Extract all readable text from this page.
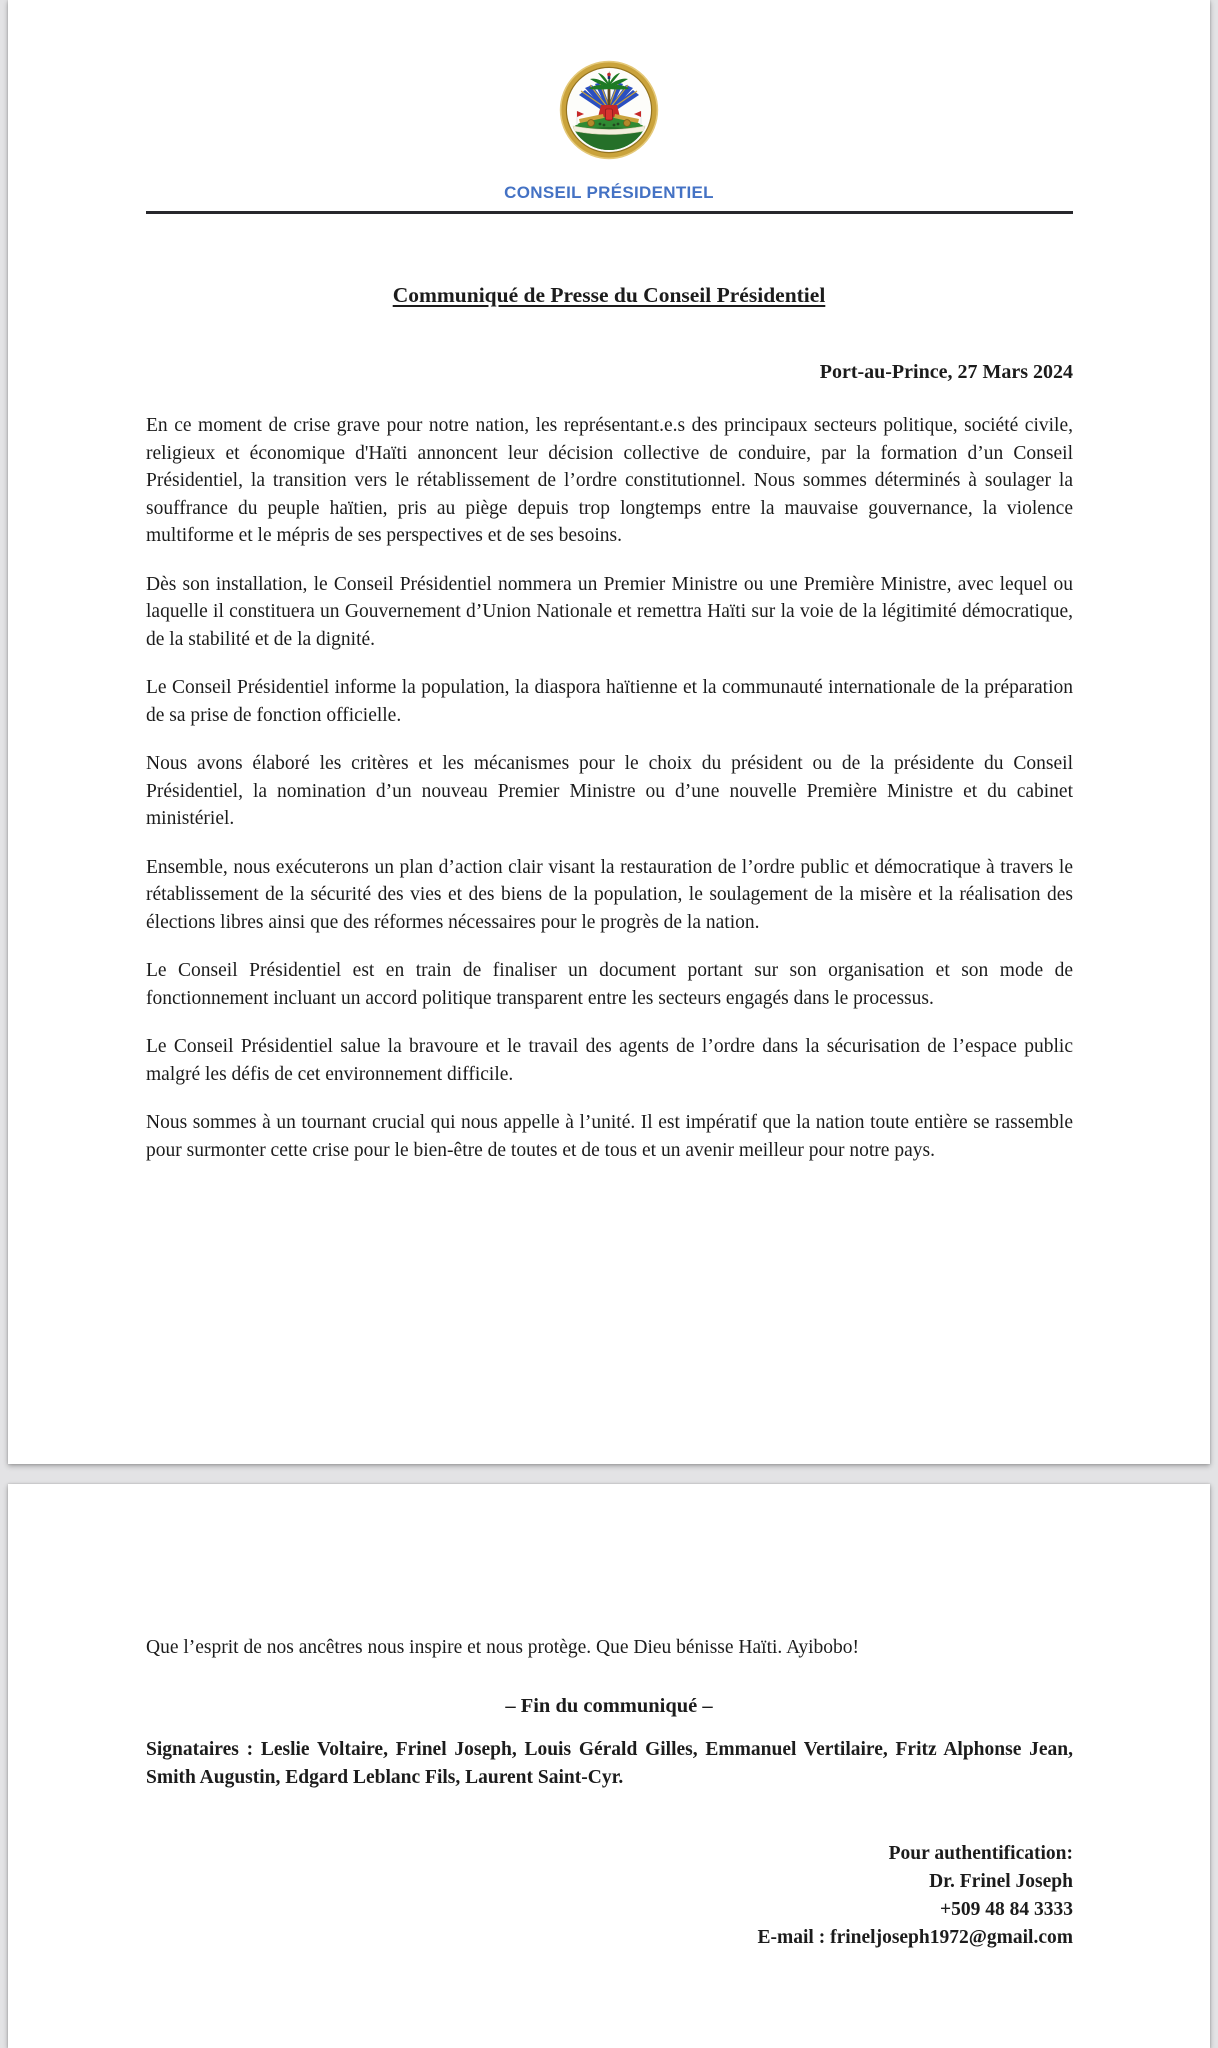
CONSEIL PRÉSIDENTIEL
Communiqué de Presse du Conseil Présidentiel
Port-au-Prince, 27 Mars 2024

En ce moment de crise grave pour notre nation, les représentant.e.s des principaux secteurs politique, société civile, religieux et économique d'Haïti annoncent leur décision collective de conduire, par la formation d’un Conseil Présidentiel, la transition vers le rétablissement de l’ordre constitutionnel. Nous sommes déterminés à soulager la souffrance du peuple haïtien, pris au piège depuis trop longtemps entre la mauvaise gouvernance, la violence multiforme et le mépris de ses perspectives et de ses besoins.

Dès son installation, le Conseil Présidentiel nommera un Premier Ministre ou une Première Ministre, avec lequel ou laquelle il constituera un Gouvernement d’Union Nationale et remettra Haïti sur la voie de la légitimité démocratique, de la stabilité et de la dignité.

Le Conseil Présidentiel informe la population, la diaspora haïtienne et la communauté internationale de la préparation de sa prise de fonction officielle.

Nous avons élaboré les critères et les mécanismes pour le choix du président ou de la présidente du Conseil Présidentiel, la nomination d’un nouveau Premier Ministre ou d’une nouvelle Première Ministre et du cabinet ministériel.

Ensemble, nous exécuterons un plan d’action clair visant la restauration de l’ordre public et démocratique à travers le rétablissement de la sécurité des vies et des biens de la population, le soulagement de la misère et la réalisation des élections libres ainsi que des réformes nécessaires pour le progrès de la nation.

Le Conseil Présidentiel est en train de finaliser un document portant sur son organisation et son mode de fonctionnement incluant un accord politique transparent entre les secteurs engagés dans le processus.

Le Conseil Présidentiel salue la bravoure et le travail des agents de l’ordre dans la sécurisation de l’espace public malgré les défis de cet environnement difficile.

Nous sommes à un tournant crucial qui nous appelle à l’unité. Il est impératif que la nation toute entière se rassemble pour surmonter cette crise pour le bien-être de toutes et de tous et un avenir meilleur pour notre pays.

Que l’esprit de nos ancêtres nous inspire et nous protège. Que Dieu bénisse Haïti. Ayibobo!
– Fin du communiqué –
Signataires : Leslie Voltaire, Frinel Joseph, Louis Gérald Gilles, Emmanuel Vertilaire, Fritz Alphonse Jean, Smith Augustin, Edgard Leblanc Fils, Laurent Saint-Cyr.
Pour authentification:
Dr. Frinel Joseph
+509 48 84 3333
E-mail : frineljoseph1972@gmail.com
